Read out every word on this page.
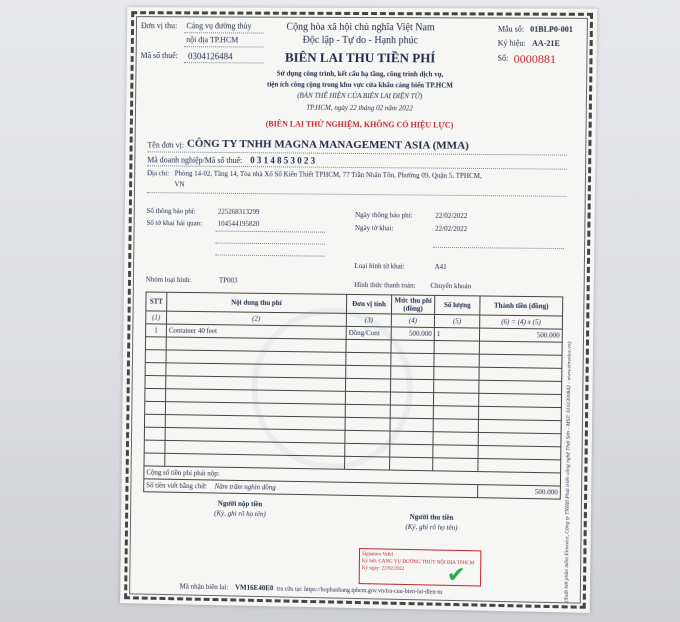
Đơn vị thu: Cảng vụ đường thủy
nội địa TP.HCM
Mã số thuế: 0304126484
Cộng hòa xã hội chủ nghĩa Việt Nam
Độc lập - Tự do - Hạnh phúc
BIÊN LAI THU TIỀN PHÍ
Sử dụng công trình, kết cấu hạ tầng, công trình dịch vụ,
tiện ích công cộng trong khu vực cửa khẩu cảng biển TP.HCM
(BẢN THỂ HIỆN CỦA BIÊN LAI ĐIỆN TỬ)
TP.HCM, ngày 22 tháng 02 năm 2022
(BIÊN LAI THỬ NGHIỆM, KHÔNG CÓ HIỆU LỰC)
Mẫu số: 01BLP0-001
Ký hiệu: AA-21E
Số: 0000881
Tên đơn vị: CÔNG TY TNHH MAGNA MANAGEMENT ASIA (MMA)
Mã doanh nghiệp/Mã số thuế: 0 3 1 4 8 5 3 0 2 3
Địa chỉ: Phòng 14-02, Tầng 14, Tòa nhà Xổ Số Kiến Thiết TPHCM, 77 Trần Nhân Tôn, Phường 09, Quận 5, TPHCM,
VN
Số thông báo phí:	225268313299	Ngày thông báo phí:	22/02/2022
Số tờ khai hải quan: 104544195820
Ngày tờ khai:	22/02/2022
Loại hình tờ khai:	A41
Nhóm loại hình:	TP003
Hình thức thanh toán: Chuyển khoản
STT	Nội dung thu phí	Đơn vị tính	Mức thu phí (đồng)	Số lượng	Thành tiền (đồng)
(1)	(2)	(3)	(4)	(5)	(6) = (4) x (5)
1	Container 40 feet	Đồng/Cont	500.000	1	500.000

Cộng số tiền phí phải nộp:					
Số tiền viết bằng chữ: Năm trăm nghìn đồng					500.000
Người nộp tiền
(Ký, ghi rõ họ tên)	Người thu tiền
(Ký, ghi rõ họ tên)
Signature Valid
Ký bởi: CẢNG VỤ ĐƯỜNG THỦY NỘI ĐỊA TPHCM
Ký ngày: 22/02/2022	✔
Mã nhận biên lai: VM16E40E0 tra cứu tại: https://hophanhang.tphcm.gov.vn/tra-cuu-bien-lai-dien-tu	(Xuất bởi phần mềm Einvoice, Công ty TNHH Phát triển công nghệ Thái Sơn - MST: 0101300842 - www.einvoice.vn)
